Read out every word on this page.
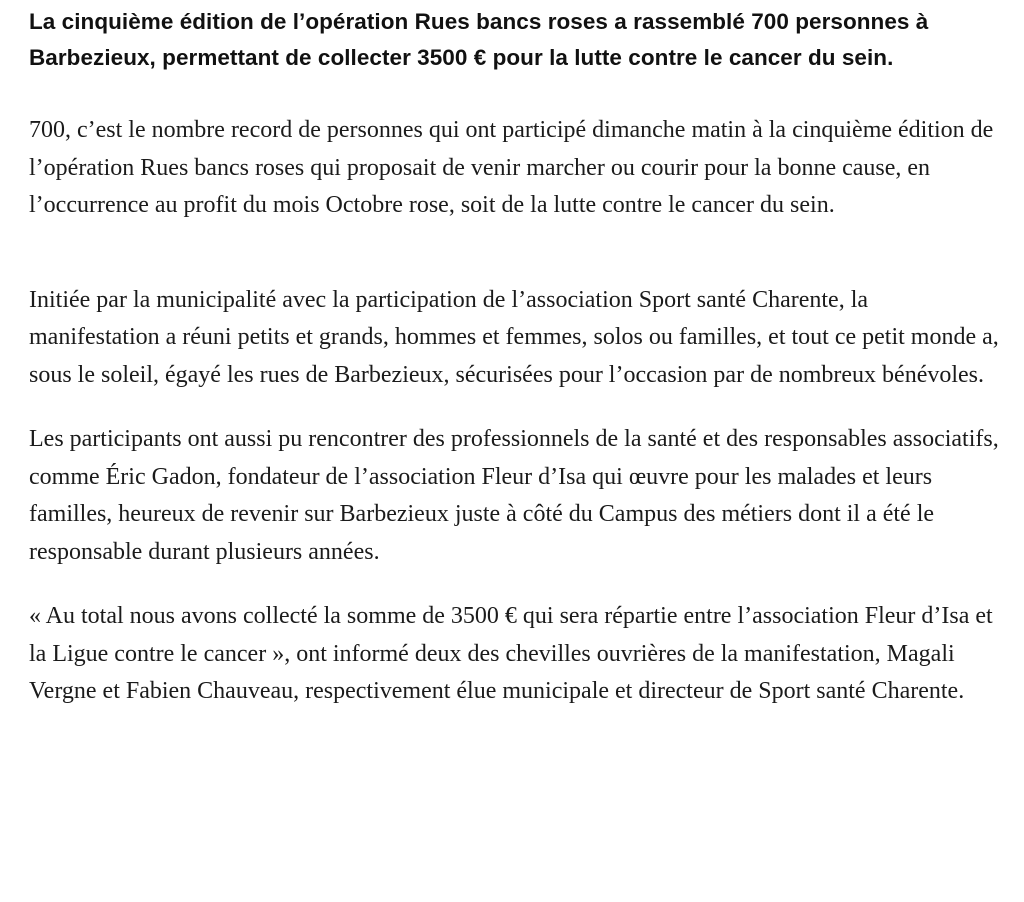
La cinquième édition de l’opération Rues bancs roses a rassemblé 700 personnes à Barbezieux, permettant de collecter 3500 € pour la lutte contre le cancer du sein.

700, c’est le nombre record de personnes qui ont participé dimanche matin à la cinquième édition de l’opération Rues bancs roses qui proposait de venir marcher ou courir pour la bonne cause, en l’occurrence au profit du mois Octobre rose, soit de la lutte contre le cancer du sein.

Initiée par la municipalité avec la participation de l’association Sport santé Charente, la manifestation a réuni petits et grands, hommes et femmes, solos ou familles, et tout ce petit monde a, sous le soleil, égayé les rues de Barbezieux, sécurisées pour l’occasion par de nombreux bénévoles.

Les participants ont aussi pu rencontrer des professionnels de la santé et des responsables associatifs, comme Éric Gadon, fondateur de l’association Fleur d’Isa qui œuvre pour les malades et leurs familles, heureux de revenir sur Barbezieux juste à côté du Campus des métiers dont il a été le responsable durant plusieurs années.

« Au total nous avons collecté la somme de 3500 € qui sera répartie entre l’association Fleur d’Isa et la Ligue contre le cancer », ont informé deux des chevilles ouvrières de la manifestation, Magali Vergne et Fabien Chauveau, respectivement élue municipale et directeur de Sport santé Charente.
